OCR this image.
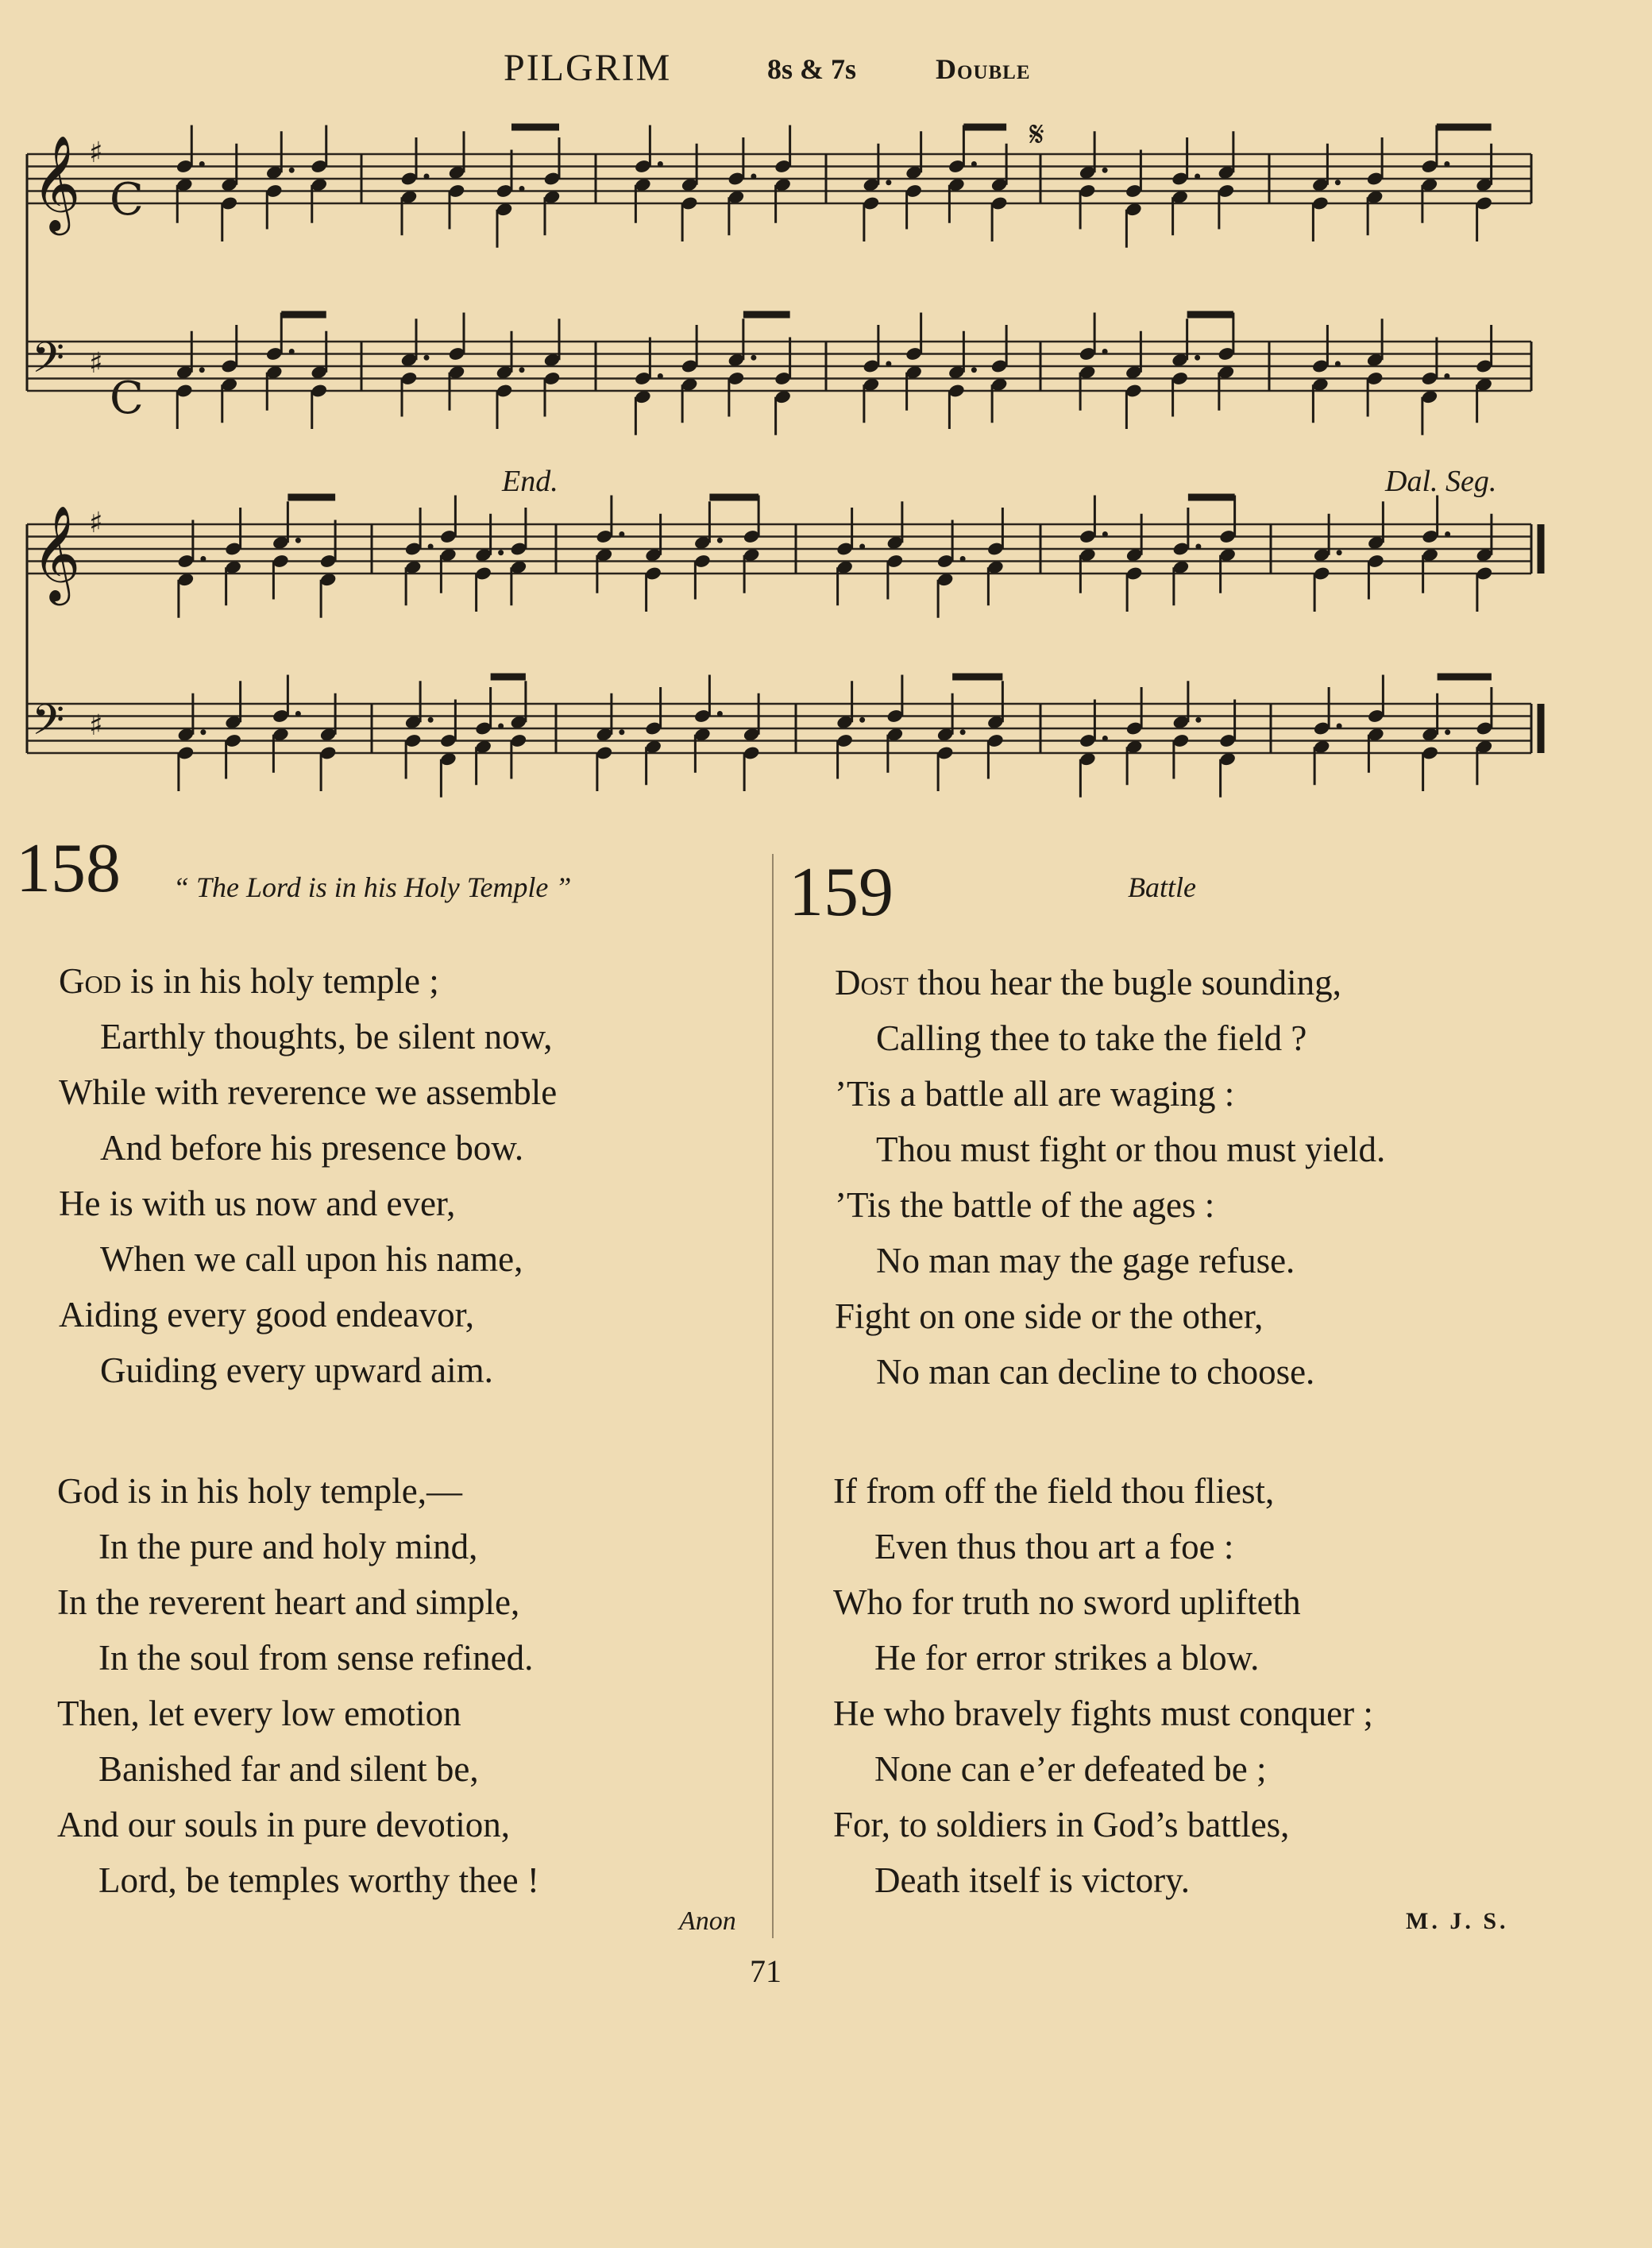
PILGRIM	8s & 7s	Double
End.	Dal. Seg.
𝄋
C
C
𝄞 ♯
𝄢 ♯
𝄞 ♯
𝄢 ♯
158 “ The Lord is in his Holy Temple ”
God is in his holy temple ;
Earthly thoughts, be silent now,
While with reverence we assemble
And before his presence bow.
He is with us now and ever,
When we call upon his name,
Aiding every good endeavor,
Guiding every upward aim.
God is in his holy temple,—
In the pure and holy mind,
In the reverent heart and simple,
In the soul from sense refined.
Then, let every low emotion
Banished far and silent be,
And our souls in pure devotion,
Lord, be temples worthy thee !
Anon
159	Battle
Dost thou hear the bugle sounding,
Calling thee to take the field ?
’Tis a battle all are waging :
Thou must fight or thou must yield.
’Tis the battle of the ages :
No man may the gage refuse.
Fight on one side or the other,
No man can decline to choose.
If from off the field thou fliest,
Even thus thou art a foe :
Who for truth no sword uplifteth
He for error strikes a blow.
He who bravely fights must conquer ;
None can e’er defeated be ;
For, to soldiers in God’s battles,
Death itself is victory.
M. J. S.
71
